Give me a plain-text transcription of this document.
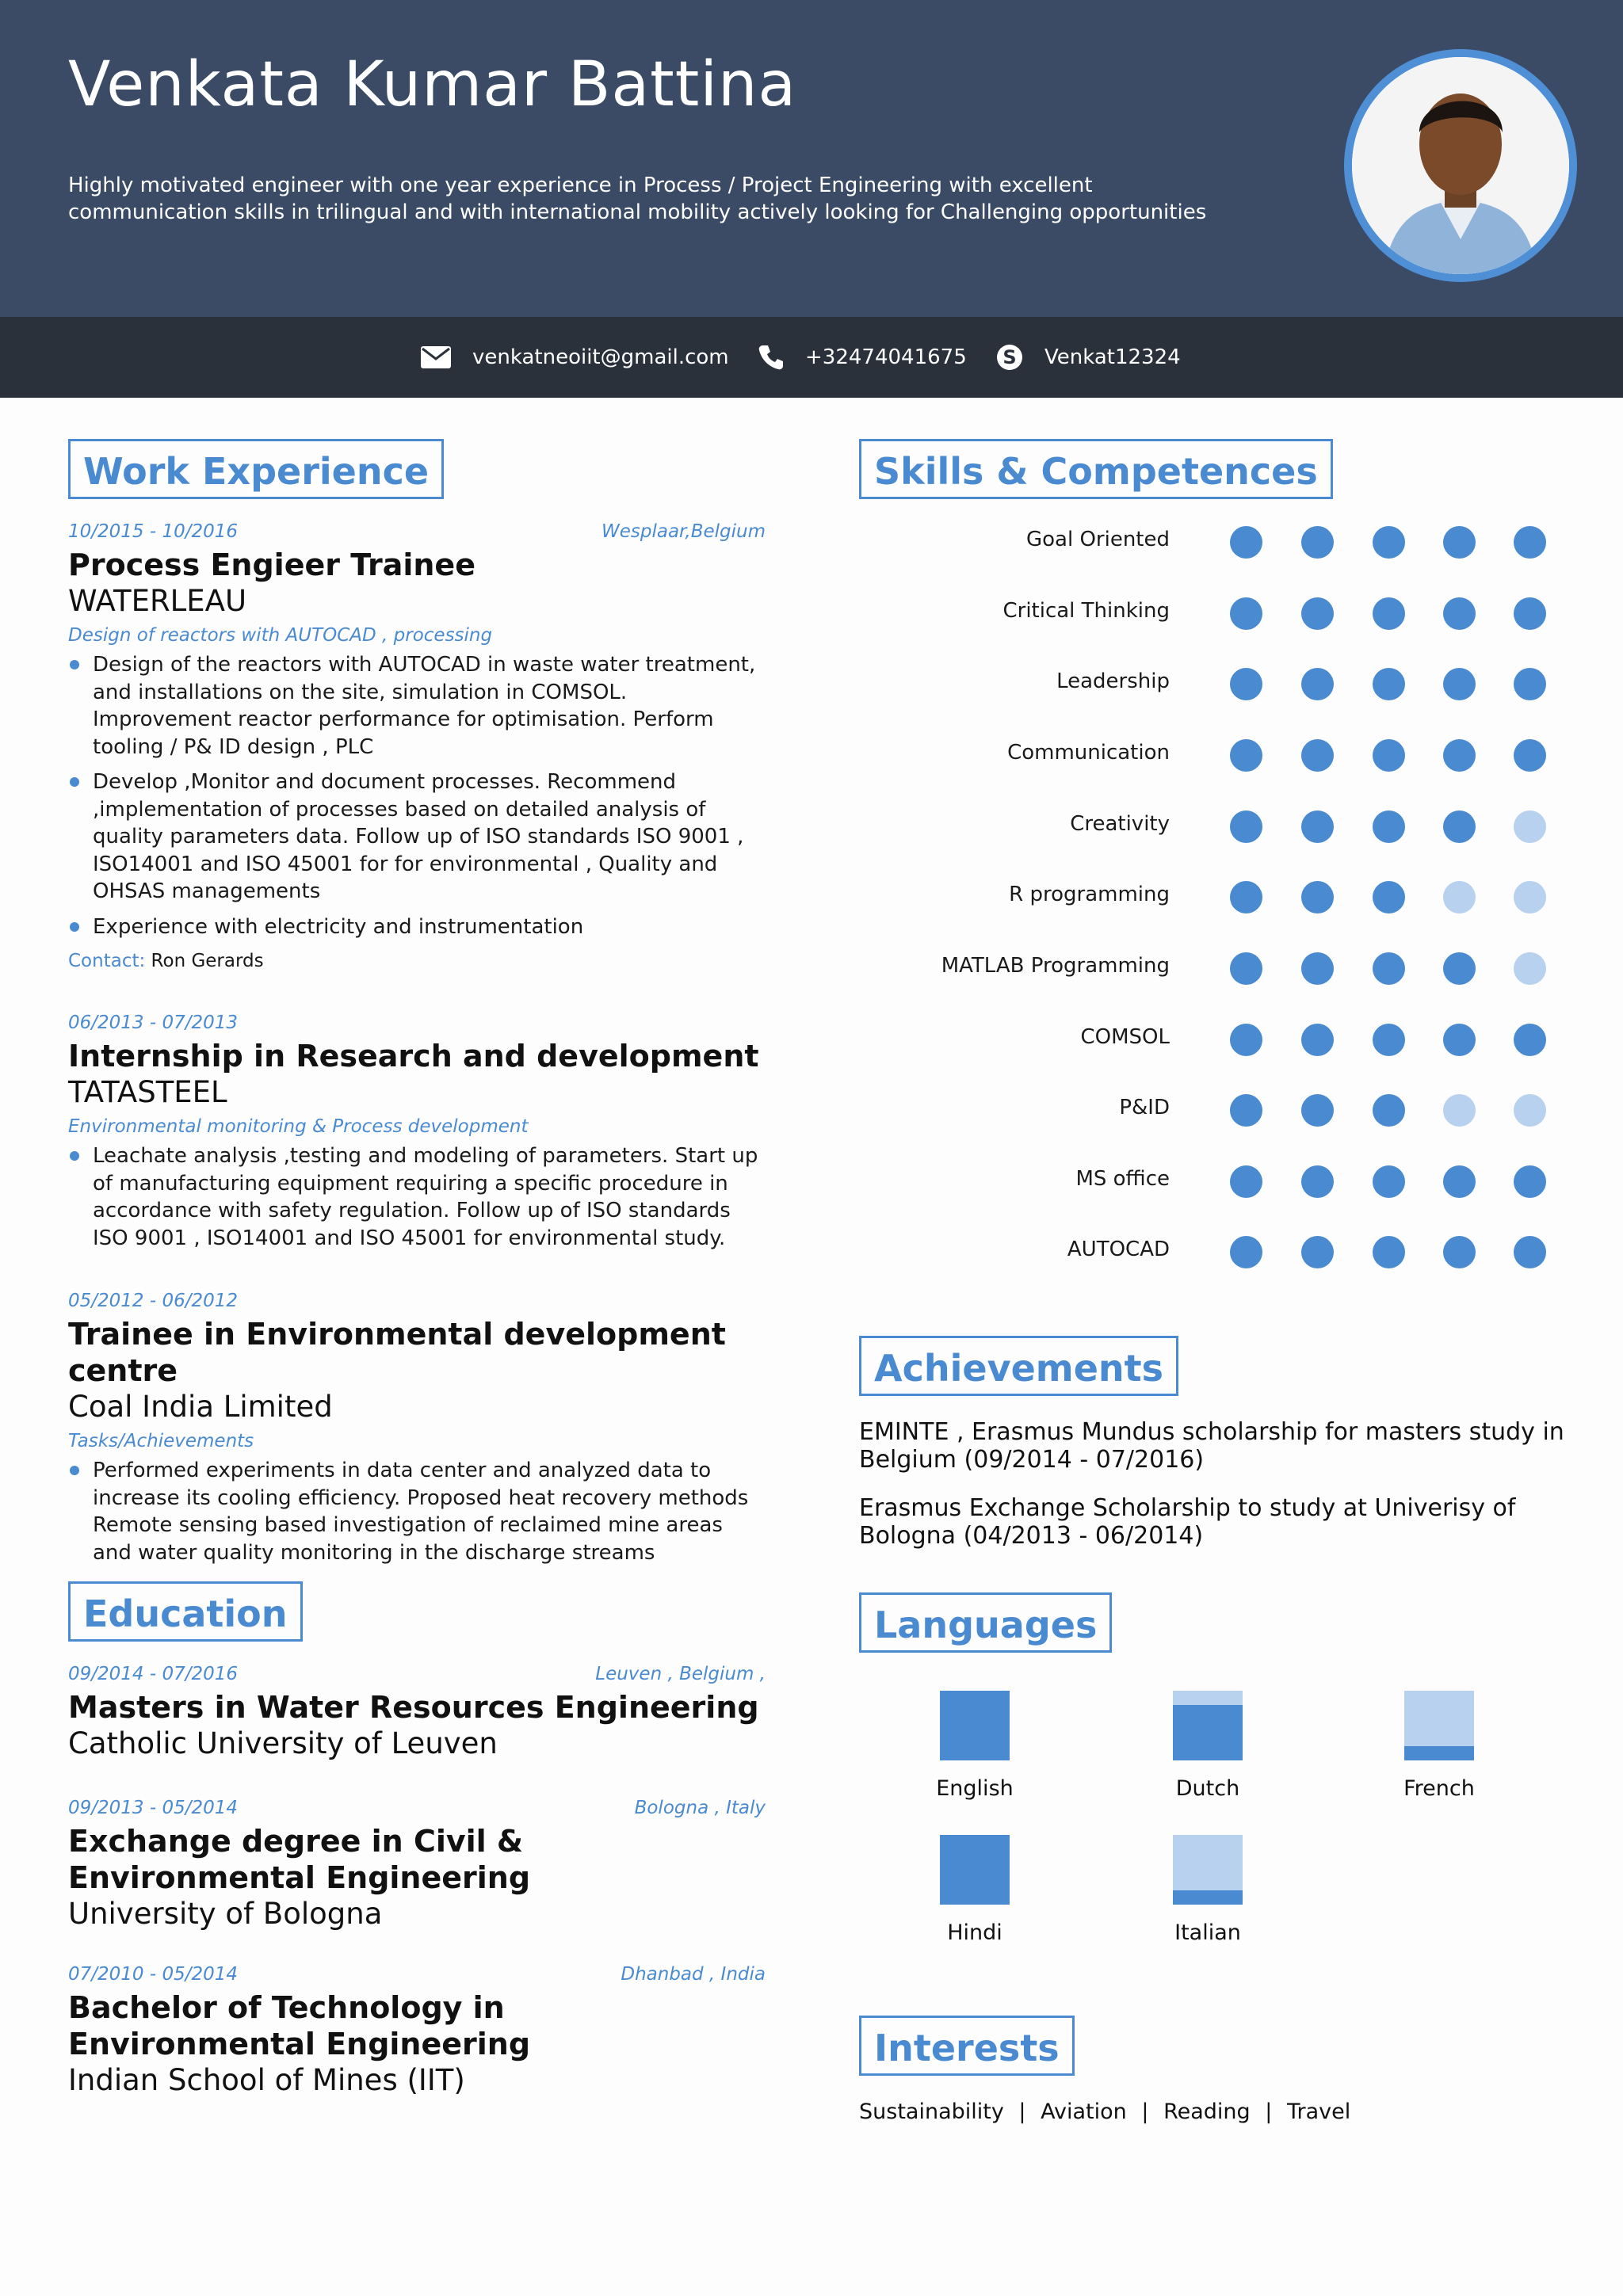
Venkata Kumar Battina
Highly motivated engineer with one year experience in Process / Project Engineering with excellent communication skills in trilingual and with international mobility actively looking for Challenging opportunities
venkatneoiit@gmail.com	+32474041675 S Venkat12324
Work Experience
10/2015 - 10/2016	Wesplaar,Belgium
Process Engieer Trainee
WATERLEAU
Design of reactors with AUTOCAD , processing
Design of the reactors with AUTOCAD in waste water treatment, and installations on the site, simulation in COMSOL. Improvement reactor performance for optimisation. Perform tooling / P& ID design , PLC
Develop ,Monitor and document processes. Recommend ,implementation of processes based on detailed analysis of quality parameters data. Follow up of ISO standards ISO 9001 , ISO14001 and ISO 45001 for for environmental , Quality and OHSAS managements
Experience with electricity and instrumentation
Contact: Ron Gerards
06/2013 - 07/2013
Internship in Research and development
TATASTEEL
Environmental monitoring & Process development
Leachate analysis ,testing and modeling of parameters. Start up of manufacturing equipment requiring a specific procedure in accordance with safety regulation. Follow up of ISO standards ISO 9001 , ISO14001 and ISO 45001 for environmental study.
05/2012 - 06/2012
Trainee in Environmental development centre
Coal India Limited
Tasks/Achievements
Performed experiments in data center and analyzed data to increase its cooling efficiency. Proposed heat recovery methods Remote sensing based investigation of reclaimed mine areas and water quality monitoring in the discharge streams
Education
09/2014 - 07/2016	Leuven , Belgium ,
Masters in Water Resources Engineering
Catholic University of Leuven
09/2013 - 05/2014	Bologna , Italy
Exchange degree in Civil & Environmental Engineering
University of Bologna
07/2010 - 05/2014	Dhanbad , India
Bachelor of Technology in Environmental Engineering
Indian School of Mines (IIT)
Skills & Competences
Goal Oriented
Critical Thinking
Leadership
Communication
Creativity
R programming
MATLAB Programming
COMSOL
P&ID
MS office
AUTOCAD
Achievements
EMINTE , Erasmus Mundus scholarship for masters study in Belgium (09/2014 - 07/2016)
Erasmus Exchange Scholarship to study at Univerisy of Bologna (04/2013 - 06/2014)
Languages
English	Dutch	French
Hindi	Italian
Interests
Sustainability | Aviation | Reading | Travel
